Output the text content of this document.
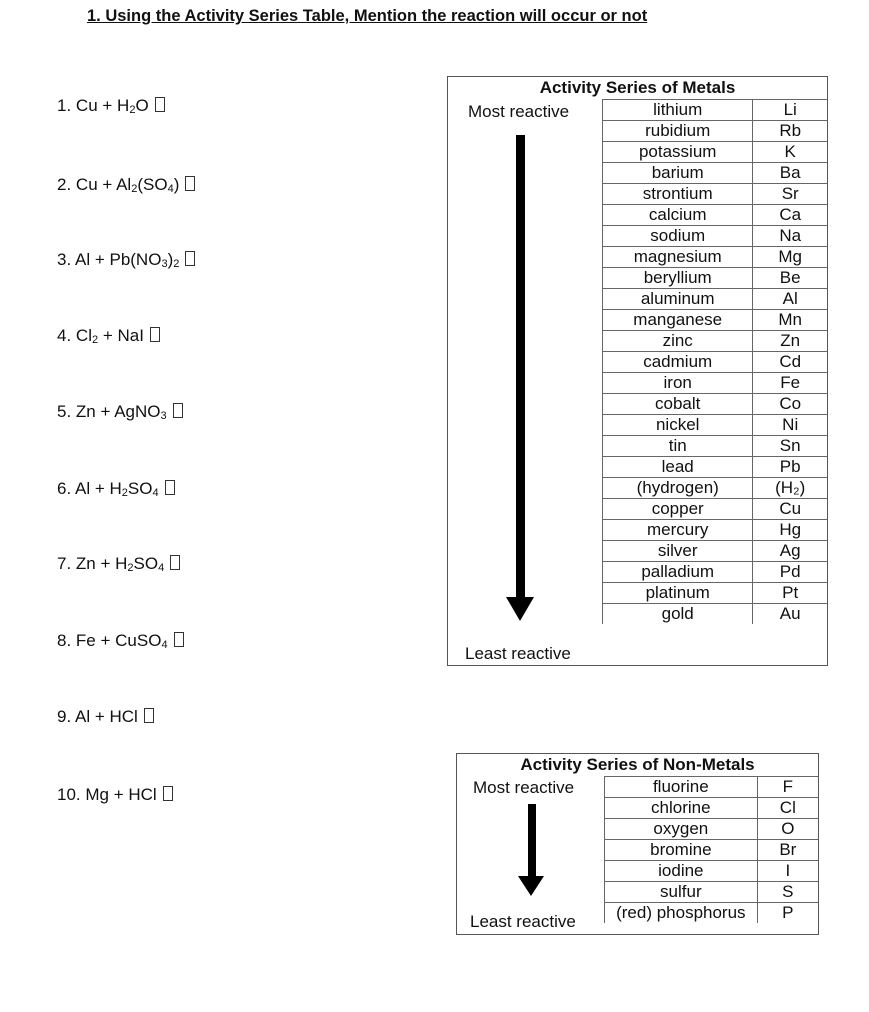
1. Using the Activity Series Table, Mention the reaction will occur or not
1. $Cu + H_2O$
2. $Cu + Al_2(SO_4)$
3. $Al + Pb(NO_3)_2$
4. $Cl_2$ + NaI
5. Zn + AgNO$_3$
6. $Al + H_2SO_4$
7. $Zn + H_2SO_4$
8. Fe + CuSO$_4$
9. Al + HCl
10. Mg + HCl
Activity Series of Metals
Most reactive
Least reactive
lithium	Li
rubidium	Rb
potassium	K
barium	Ba
strontium	Sr
calcium	Ca
sodium	Na
magnesium	Mg
beryllium	Be
aluminum	Al
manganese	Mn
zinc	Zn
cadmium	Cd
iron	Fe
cobalt	Co
nickel	Ni
tin	Sn
lead	Pb
(hydrogen)	(H₂)
copper	Cu
mercury	Hg
silver	Ag
palladium	Pd
platinum	Pt
gold	Au
Activity Series of Non-Metals
Most reactive
Least reactive
fluorine	F
chlorine	Cl
oxygen	O
bromine	Br
iodine	I
sulfur	S
(red) phosphorus	P
